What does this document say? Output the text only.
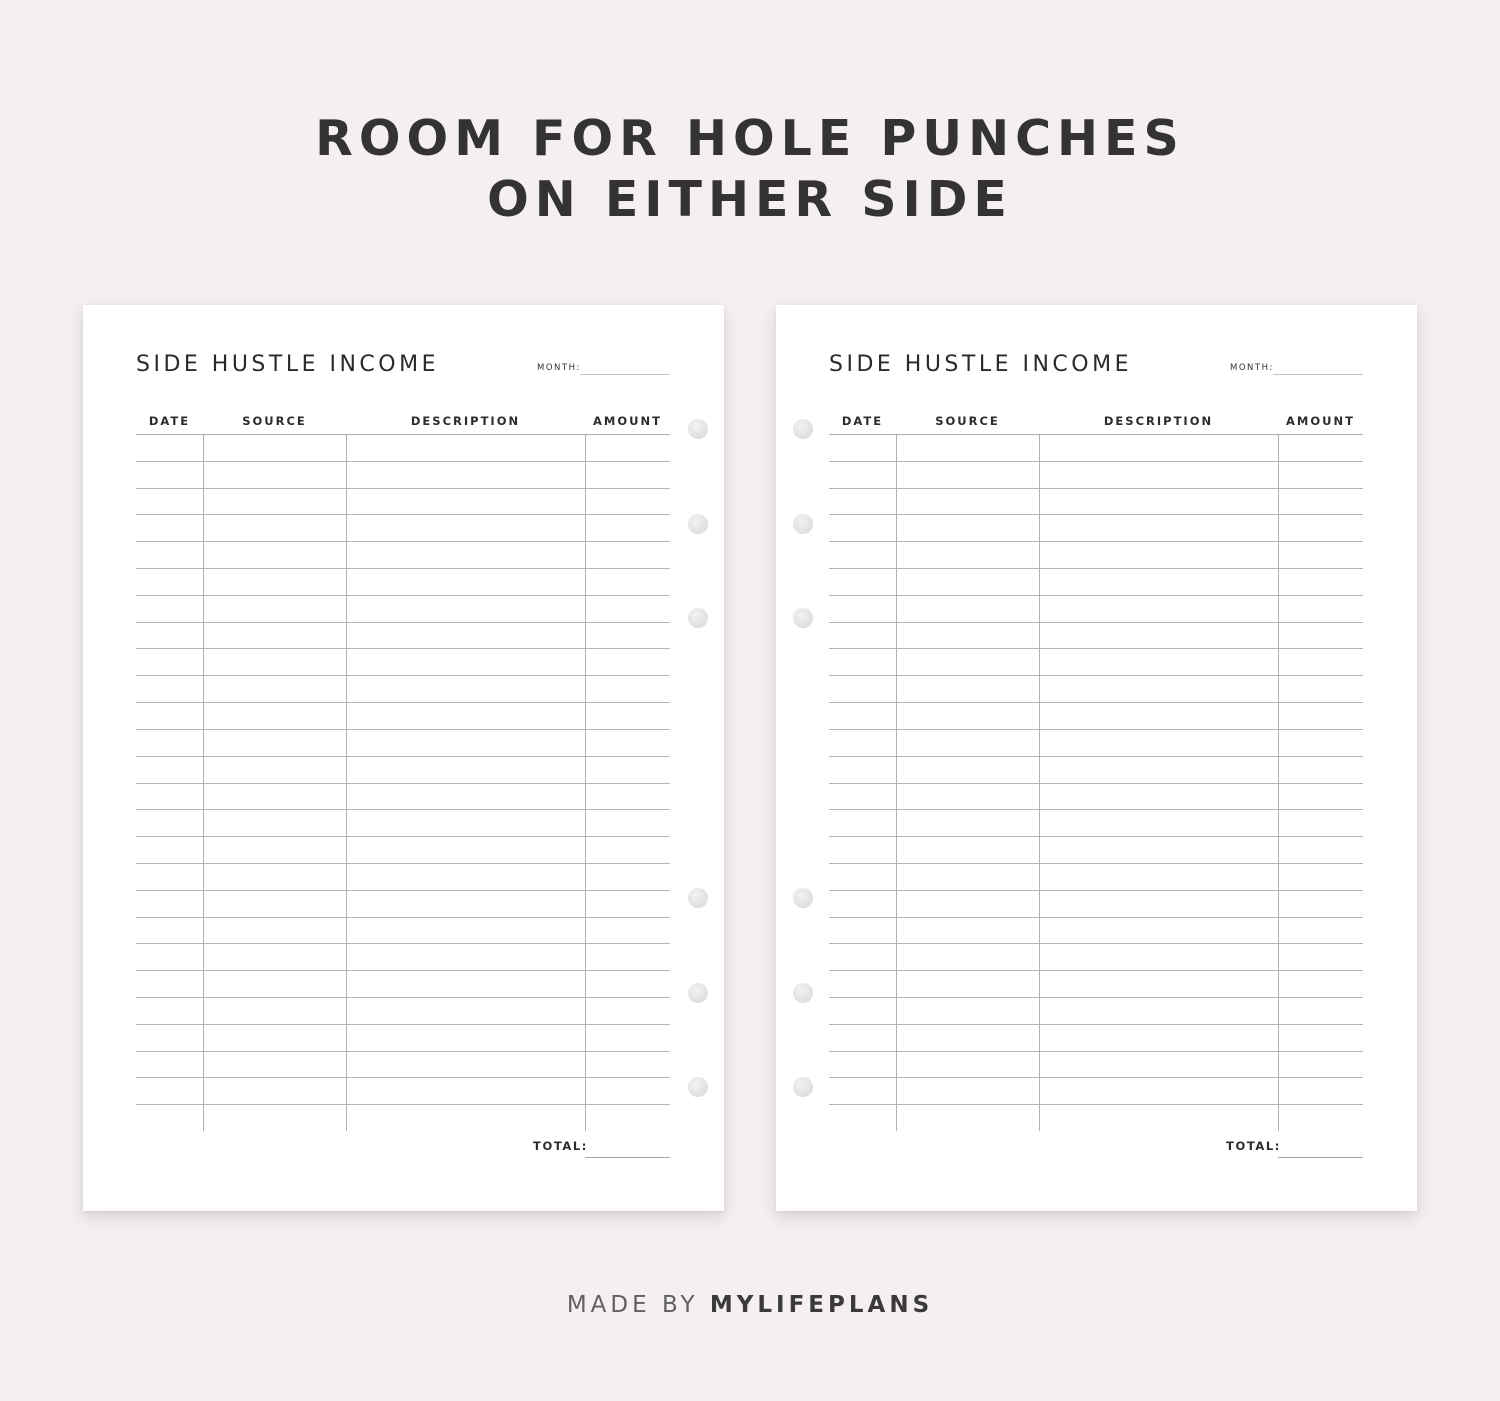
ROOM FOR HOLE PUNCHES
ON EITHER SIDE
SIDE HUSTLE INCOME	MONTH:
DATE	SOURCE	DESCRIPTION	AMOUNT
TOTAL:
SIDE HUSTLE INCOME	MONTH:
DATE	SOURCE	DESCRIPTION	AMOUNT
TOTAL:
MADE BY MYLIFEPLANS
